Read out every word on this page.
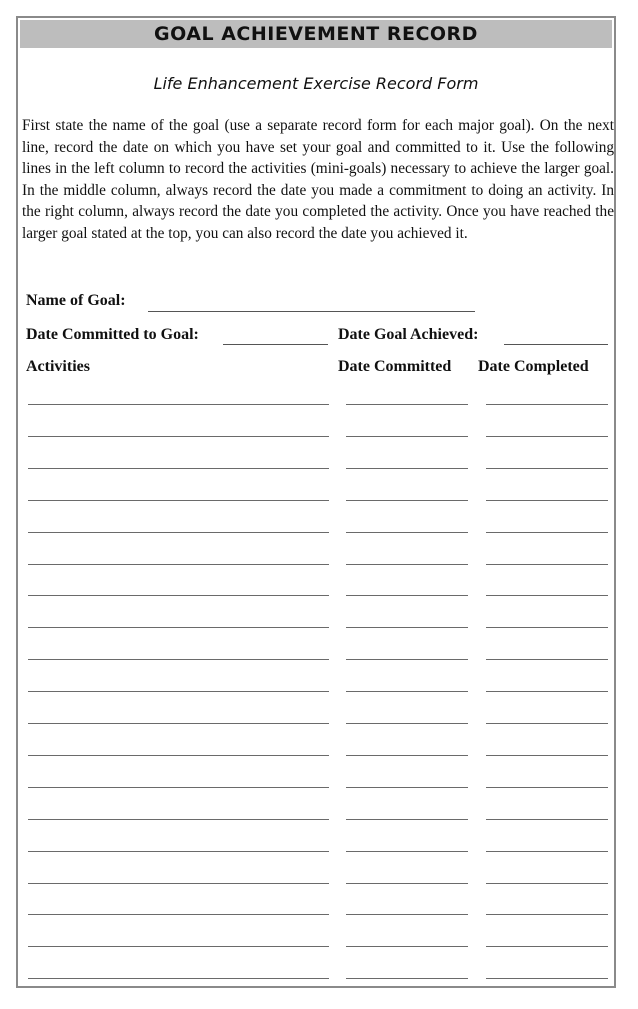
GOAL ACHIEVEMENT RECORD
Life Enhancement Exercise Record Form

First state the name of the goal (use a separate record form for each major goal). On the next line, record the date on which you have set your goal and committed to it. Use the following lines in the left column to record the activities (mini-goals) necessary to achieve the larger goal. In the middle column, always record the date you made a commitment to doing an activity. In the right column, always record the date you completed the activity. Once you have reached the larger goal stated at the top, you can also record the date you achieved it.

Name of Goal:
Date Committed to Goal:	Date Goal Achieved:
Activities	Date Committed Date Completed
